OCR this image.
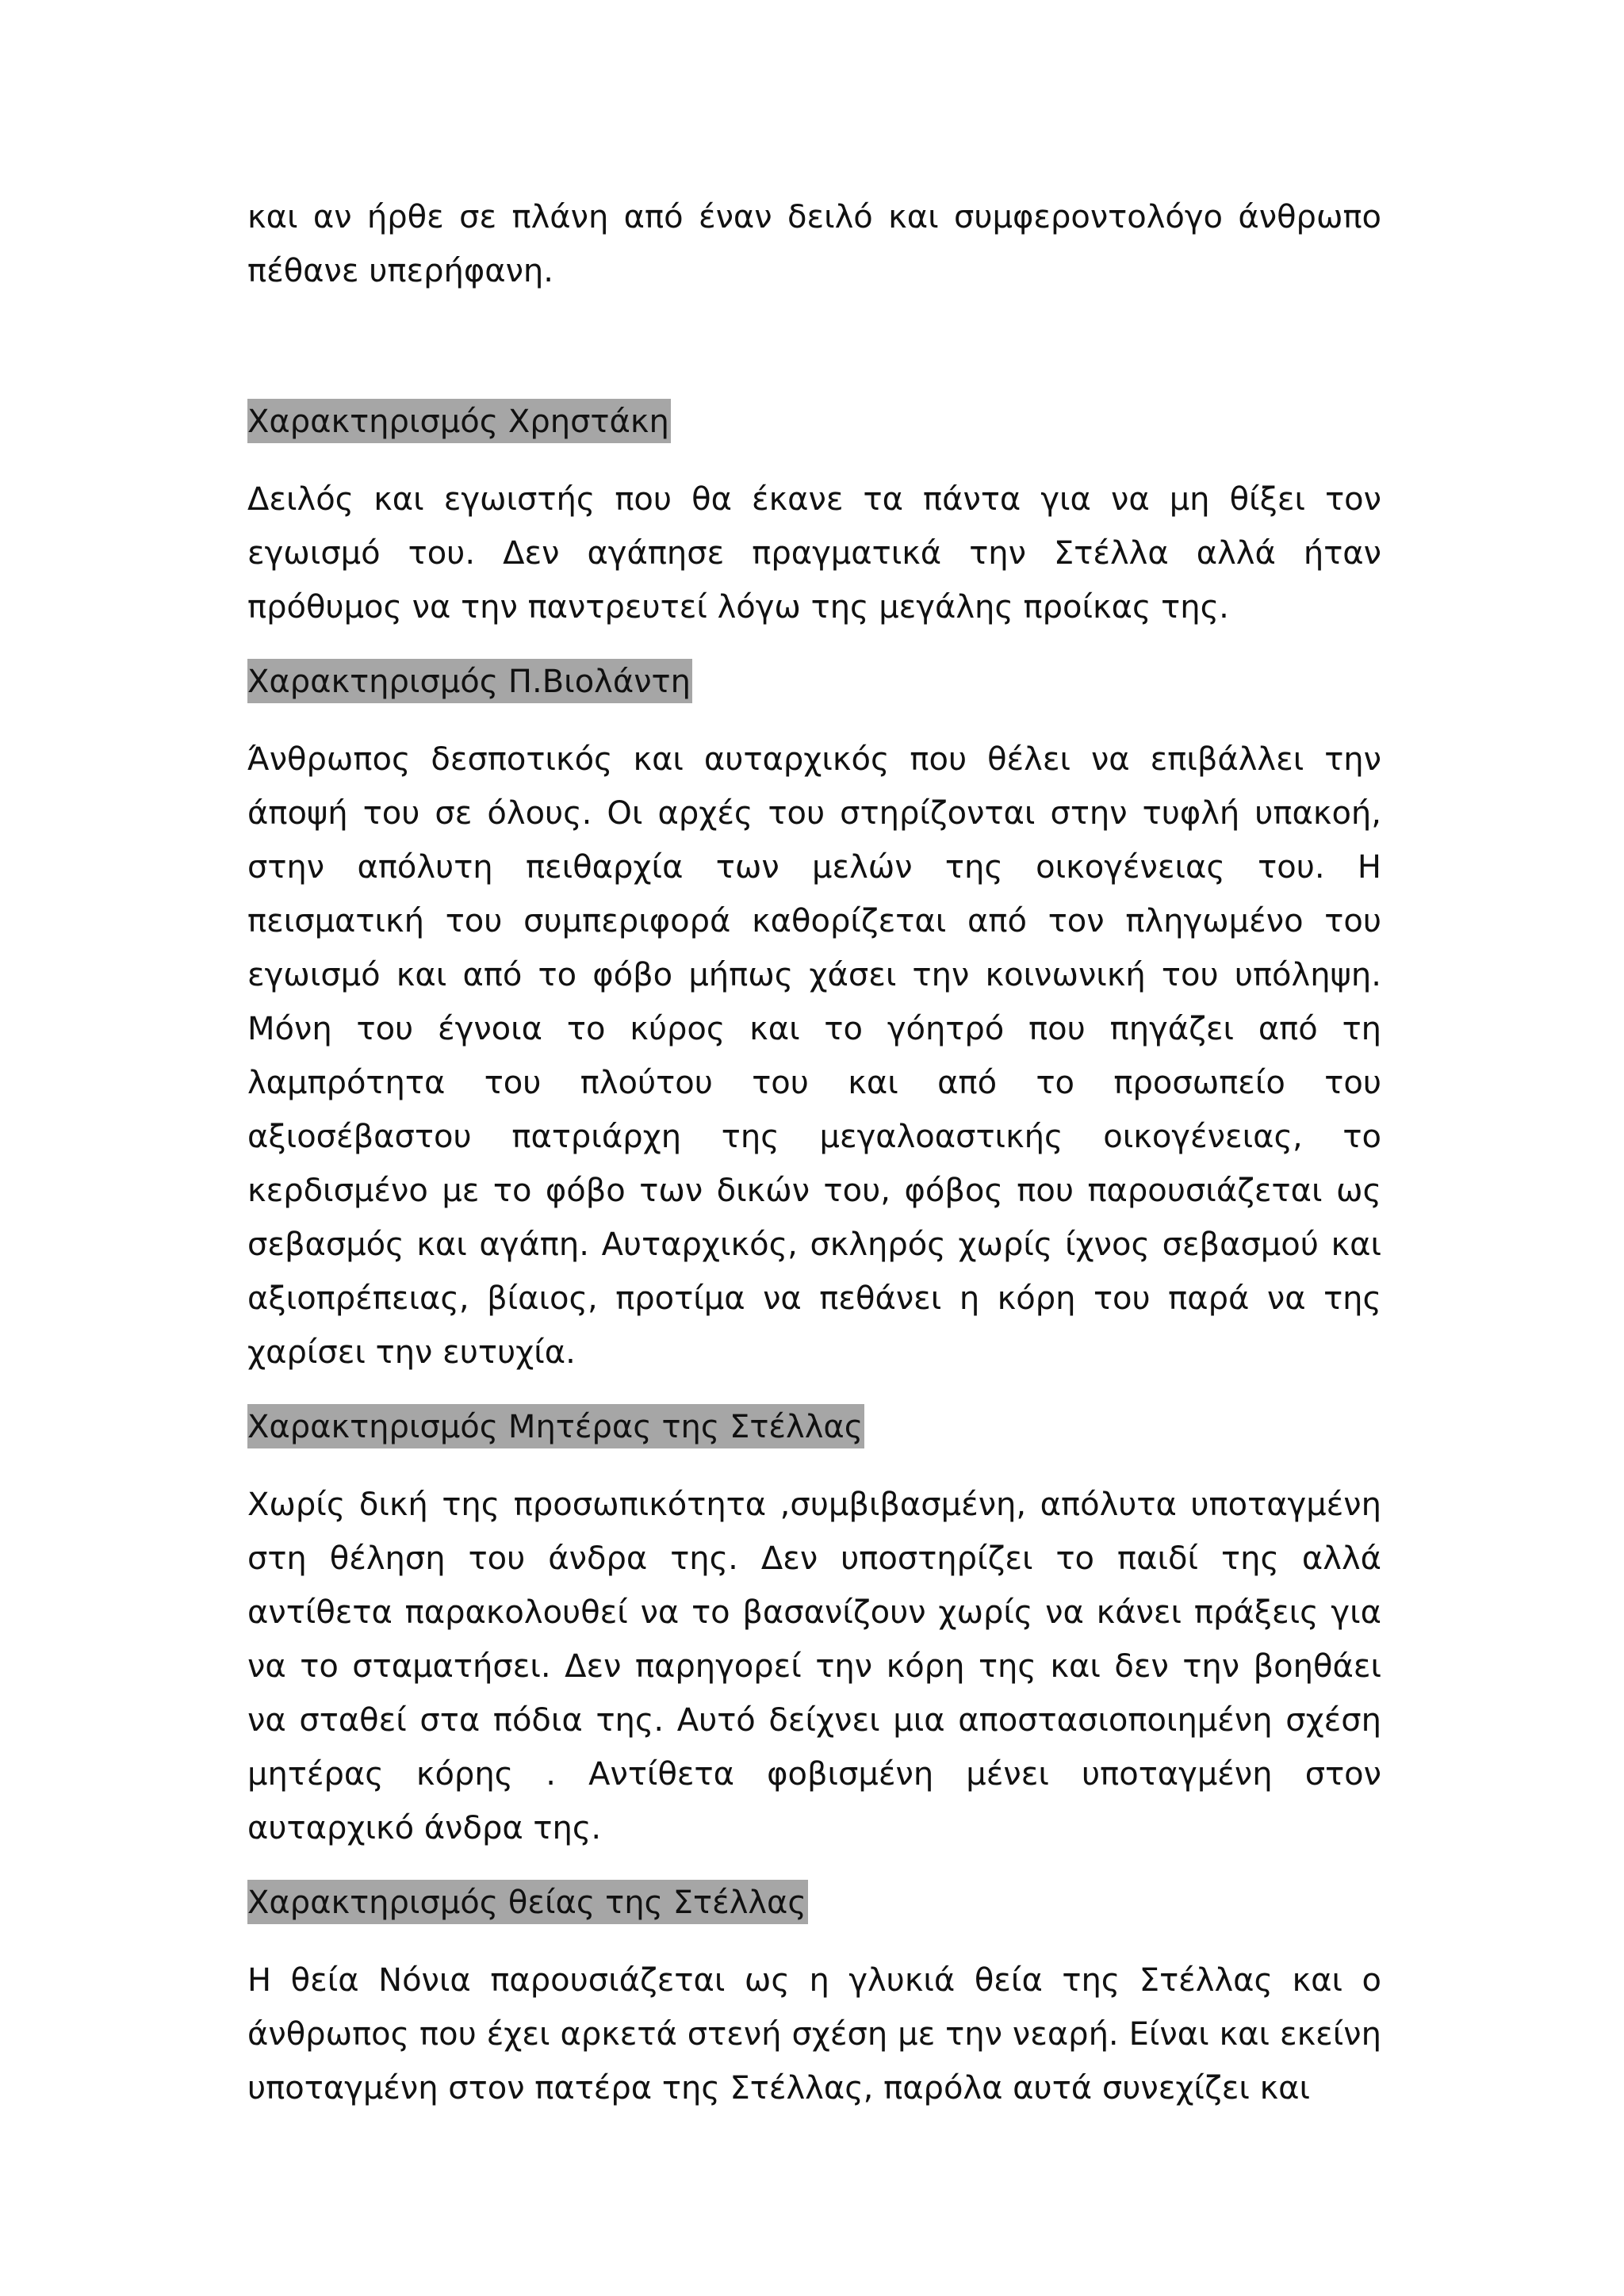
και αν ήρθε σε πλάνη από έναν δειλό και συμφεροντολόγο άνθρωπο πέθανε υπερήφανη.

Χαρακτηρισμός Χρηστάκη

Δειλός και εγωιστής που θα έκανε τα πάντα για να μη θίξει τον εγωισμό του. Δεν αγάπησε πραγματικά την Στέλλα αλλά ήταν πρόθυμος να την παντρευτεί λόγω της μεγάλης προίκας της.

Χαρακτηρισμός Π.Βιολάντη

Άνθρωπος δεσποτικός και αυταρχικός που θέλει να επιβάλλει την άποψή του σε όλους. Οι αρχές του στηρίζονται στην τυφλή υπακοή, στην απόλυτη πειθαρχία των μελών της οικογένειας του. Η πεισματική του συμπεριφορά καθορίζεται από τον πληγωμένο του εγωισμό και από το φόβο μήπως χάσει την κοινωνική του υπόληψη. Μόνη του έγνοια το κύρος και το γόητρό που πηγάζει από τη λαμπρότητα του πλούτου του και από το προσωπείο του αξιοσέβαστου πατριάρχη της μεγαλοαστικής οικογένειας, το κερδισμένο με το φόβο των δικών του, φόβος που παρουσιάζεται ως σεβασμός και αγάπη. Αυταρχικός, σκληρός χωρίς ίχνος σεβασμού και αξιοπρέπειας, βίαιος, προτίμα να πεθάνει η κόρη του παρά να της χαρίσει την ευτυχία.

Χαρακτηρισμός Μητέρας της Στέλλας

Χωρίς δική της προσωπικότητα ,συμβιβασμένη, απόλυτα υποταγμένη στη θέληση του άνδρα της. Δεν υποστηρίζει το παιδί της αλλά αντίθετα παρακολουθεί να το βασανίζουν χωρίς να κάνει πράξεις για να το σταματήσει. Δεν παρηγορεί την κόρη της και δεν την βοηθάει να σταθεί στα πόδια της. Αυτό δείχνει μια αποστασιοποιημένη σχέση μητέρας κόρης . Αντίθετα φοβισμένη μένει υποταγμένη στον αυταρχικό άνδρα της.

Χαρακτηρισμός θείας της Στέλλας

Η θεία Νόνια παρουσιάζεται ως η γλυκιά θεία της Στέλλας και ο άνθρωπος που έχει αρκετά στενή σχέση με την νεαρή. Είναι και εκείνη υποταγμένη στον πατέρα της Στέλλας, παρόλα αυτά συνεχίζει και
